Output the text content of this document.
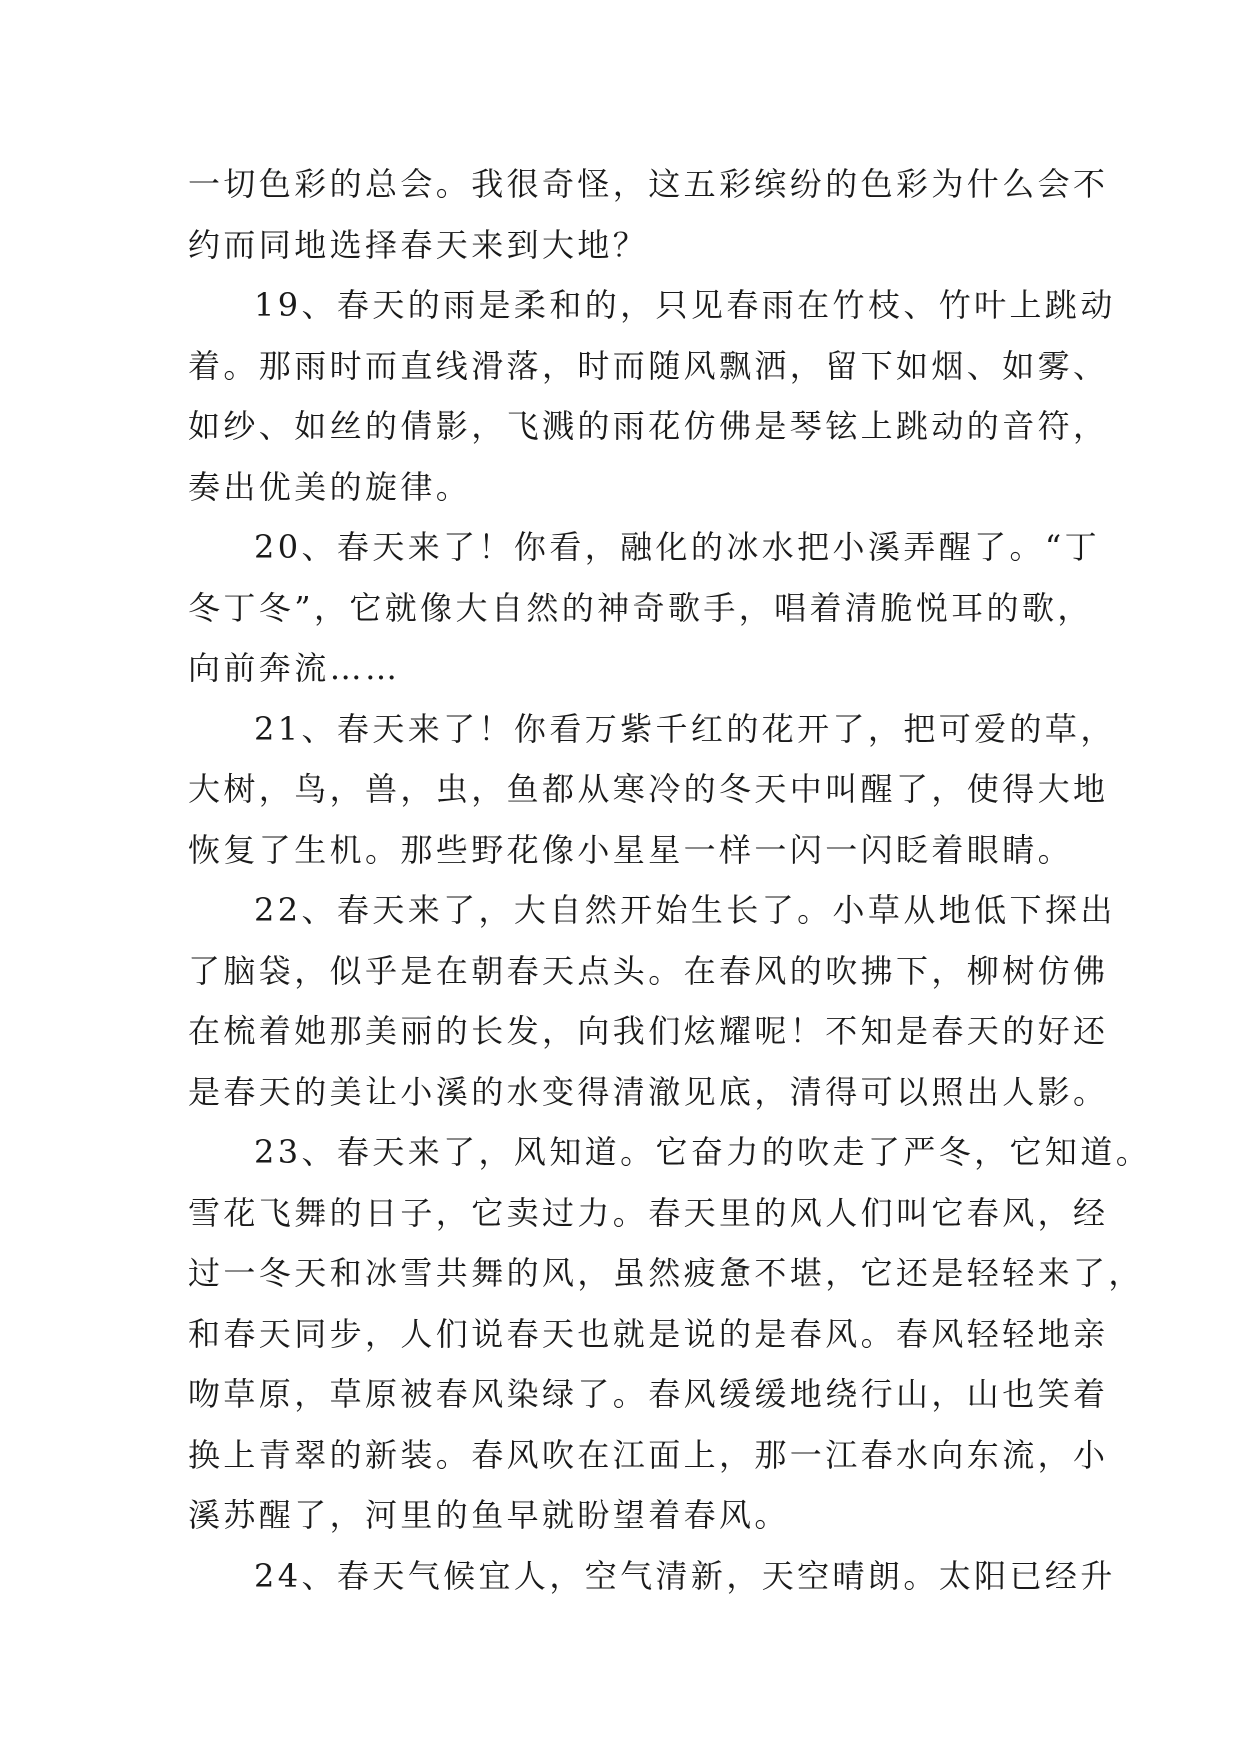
一切色彩的总会。我很奇怪，这五彩缤纷的色彩为什么会不
约而同地选择春天来到大地？
19、春天的雨是柔和的，只见春雨在竹枝、竹叶上跳动
着。那雨时而直线滑落，时而随风飘洒，留下如烟、如雾、
如纱、如丝的倩影，飞溅的雨花仿佛是琴铉上跳动的音符，
奏出优美的旋律。
20、春天来了！你看，融化的冰水把小溪弄醒了。“丁
冬丁冬”，它就像大自然的神奇歌手，唱着清脆悦耳的歌，
向前奔流……
21、春天来了！你看万紫千红的花开了，把可爱的草，
大树，鸟，兽，虫，鱼都从寒冷的冬天中叫醒了，使得大地
恢复了生机。那些野花像小星星一样一闪一闪眨着眼睛。
22、春天来了，大自然开始生长了。小草从地低下探出
了脑袋，似乎是在朝春天点头。在春风的吹拂下，柳树仿佛
在梳着她那美丽的长发，向我们炫耀呢！不知是春天的好还
是春天的美让小溪的水变得清澈见底，清得可以照出人影。
23、春天来了，风知道。它奋力的吹走了严冬，它知道。
雪花飞舞的日子，它卖过力。春天里的风人们叫它春风，经
过一冬天和冰雪共舞的风，虽然疲惫不堪，它还是轻轻来了，
和春天同步，人们说春天也就是说的是春风。春风轻轻地亲
吻草原，草原被春风染绿了。春风缓缓地绕行山，山也笑着
换上青翠的新装。春风吹在江面上，那一江春水向东流，小
溪苏醒了，河里的鱼早就盼望着春风。
24、春天气候宜人，空气清新，天空晴朗。太阳已经升
